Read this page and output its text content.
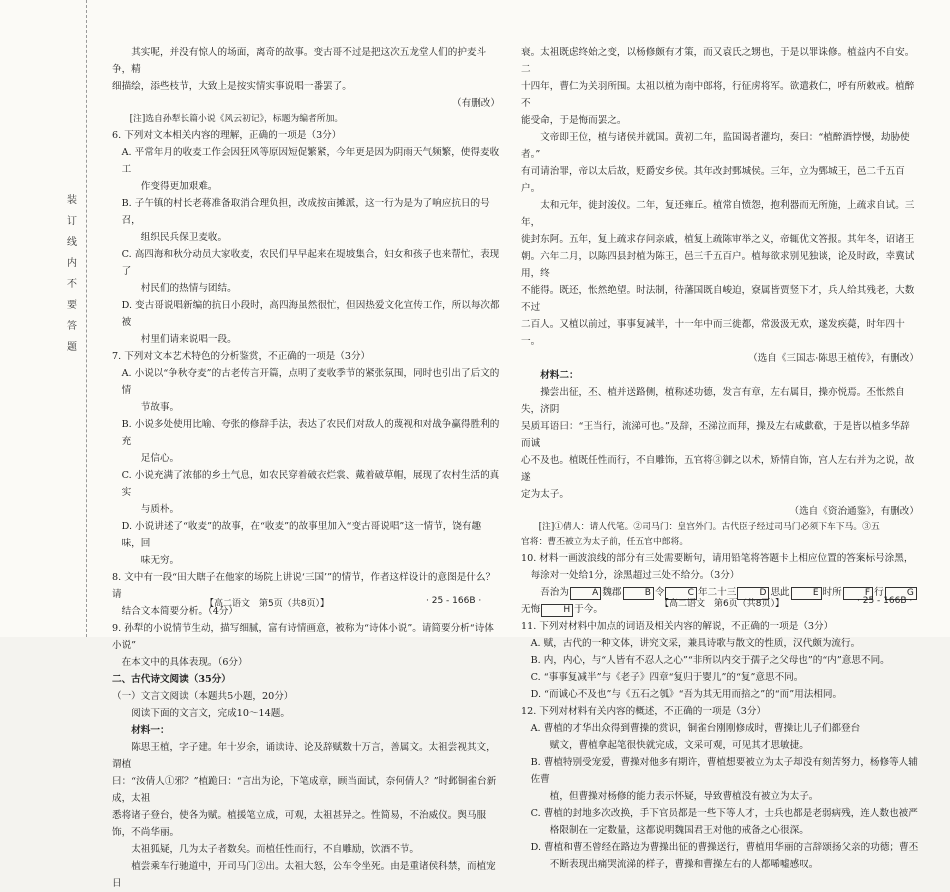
装 订 线 内 不 要 答 题

其实呢，并没有惊人的场面，离奇的故事。变古哥不过是把这次五龙堂人们的护麦斗争，精

细描绘，添些枝节，大致上是按实情实事说唱一番罢了。

（有删改）

[注]选自孙犁长篇小说《风云初记》，标题为编者所加。

6. 下列对文本相关内容的理解，正确的一项是（3分）

A. 平常年月的收麦工作会因狂风等原因短促繁紧，今年更是因为阴雨天气频繁，使得麦收工

作变得更加艰难。

B. 子午镇的村长老蒋准备取消合理负担，改成按亩摊派，这一行为是为了响应抗日的号召，

组织民兵保卫麦收。

C. 高四海和秋分动员大家收麦，农民们早早起来在堤坡集合，妇女和孩子也来帮忙，表现了

村民们的热情与团结。

D. 变古哥说唱新编的抗日小段时，高四海虽然很忙，但因热爱文化宣传工作，所以每次都被

村里们请来说唱一段。

7. 下列对文本艺术特色的分析鉴赏，不正确的一项是（3分）

A. 小说以“争秋夺麦”的古老传言开篇，点明了麦收季节的紧张氛围，同时也引出了后文的情

节故事。

B. 小说多处使用比喻、夸张的修辞手法，表达了农民们对敌人的蔑视和对战争赢得胜利的充

足信心。

C. 小说充满了浓郁的乡土气息，如农民穿着破衣烂裳、戴着破草帽，展现了农村生活的真实

与质朴。

D. 小说讲述了“收麦”的故事，在“收麦”的故事里加入“变古哥说唱”这一情节，饶有趣味，回

味无穷。

8. 文中有一段“田大瞎子在他家的场院上讲说‘三国’”的情节，作者这样设计的意图是什么？请

结合文本简要分析。（4分）

9. 孙犁的小说情节生动，描写细腻，富有诗情画意，被称为“诗体小说”。请简要分析“诗体小说”

在本文中的具体表现。（6分）

二、古代诗文阅读（35分）

（一）文言文阅读（本题共5小题，20分）

阅读下面的文言文，完成10～14题。

材料一：

陈思王植，字子建。年十岁余，诵读诗、论及辞赋数十万言，善属文。太祖尝视其文，谓植

曰：“汝倩人①邪？”植跪曰：“言出为论，下笔成章，顾当面试，奈何倩人？”时邺铜雀台新成，太祖

悉将诸子登台，使各为赋。植援笔立成，可观，太祖甚异之。性简易，不治威仪。舆马服饰，不尚华丽。

太祖狐疑，几为太子者数矣。而植任性而行，不自雕励，饮酒不节。

植尝乘车行驰道中，开司马门②出。太祖大怒，公车令坐死。由是重诸侯科禁，而植宠日

衰。太祖既虑终始之变，以杨修颇有才策，而又袁氏之甥也，于是以罪诛修。植益内不自安。二

十四年，曹仁为关羽所围。太祖以植为南中郎将，行征虏将军。欲遣救仁，呼有所敕戒。植醉不

能受命，于是悔而罢之。

文帝即王位，植与诸侯并就国。黄初二年，监国谒者灌均，奏曰：“植醉酒悖慢，劫胁使者。”

有司请治罪，帝以太后故，贬爵安乡侯。其年改封鄄城侯。三年，立为鄄城王，邑二千五百户。

太和元年，徙封浚仪。二年，复还雍丘。植常自愤怨，抱利器而无所施，上疏求自试。三年，

徙封东阿。五年，复上疏求存问亲戚，植复上疏陈审举之义，帝辄优文答报。其年冬，诏诸王

朝。六年二月，以陈四县封植为陈王，邑三千五百户。植每欲求别见独谈，论及时政，幸冀试用，终

不能得。既还，怅然绝望。时法制，待藩国既自峻迫，寮属皆贾竖下才，兵人给其残老，大数不过

二百人。又植以前过，事事复减半，十一年中而三徙都，常汲汲无欢，遂发疾薨，时年四十一。

（选自《三国志·陈思王植传》，有删改）

材料二：

操尝出征，丕、植并送路侧，植称述功德，发言有章，左右属目，操亦悦焉。丕怅然自失，济阴

吴质耳语曰：“王当行，流涕可也。”及辞，丕涕泣而拜，操及左右咸歔欷，于是皆以植多华辞而诚

心不及也。植既任性而行，不自雕饰，五官将③御之以术，矫情自饰，宫人左右并为之说，故遂

定为太子。

（选自《资治通鉴》，有删改）

[注]①倩人：请人代笔。②司马门：皇宫外门。古代臣子经过司马门必须下车下马。③五

官将：曹丕被立为太子前，任五官中郎将。

10. 材料一画波浪线的部分有三处需要断句，请用铅笔将答题卡上相应位置的答案标号涂黑，

每涂对一处给1分，涂黑超过三处不给分。（3分）

吾治为	A 魏郡	B 令	C 年二十三	D 思此	E 时所	F 行	G无悔	H 于今。

11. 下列对材料中加点的词语及相关内容的解说，不正确的一项是（3分）

A. 赋，古代的一种文体，讲究文采，兼具诗歌与散文的性质，汉代颇为流行。

B. 内，内心，与“人皆有不忍人之心”“非所以内交于孺子之父母也”的“内”意思不同。

C. “事事复减半”与《老子》四章“复归于婴儿”的“复”意思不同。

D. “而诚心不及也”与《五石之瓠》“吾为其无用而掊之”的“而”用法相同。

12. 下列对材料有关内容的概述，不正确的一项是（3分）

A. 曹植的才华出众得到曹操的赏识，铜雀台刚刚修成时，曹操让儿子们都登台

赋文，曹植拿起笔很快就完成，文采可观，可见其才思敏捷。

B. 曹植特别受宠爱，曹操对他多有期许，曹植想要被立为太子却没有刻苦努力，杨修等人辅佐曹

植，但曹操对杨修的能力表示怀疑，导致曹植没有被立为太子。

C. 曹植的封地多次改换，手下官员都是一些下等人才，士兵也都是老弱病残，连人数也被严

格限制在一定数量，这都说明魏国君王对他的戒备之心很深。

D. 曹植和曹丕曾经在路边为曹操出征的曹操送行，曹植用华丽的言辞颂扬父亲的功德；曹丕

不断表现出痛哭流涕的样子，曹操和曹操左右的人都唏嘘感叹。

【高二语文　第5页（共8页）】	· 25 - 166B ·	【高二语文　第6页（共8页）】	· 25 - 166B ·
